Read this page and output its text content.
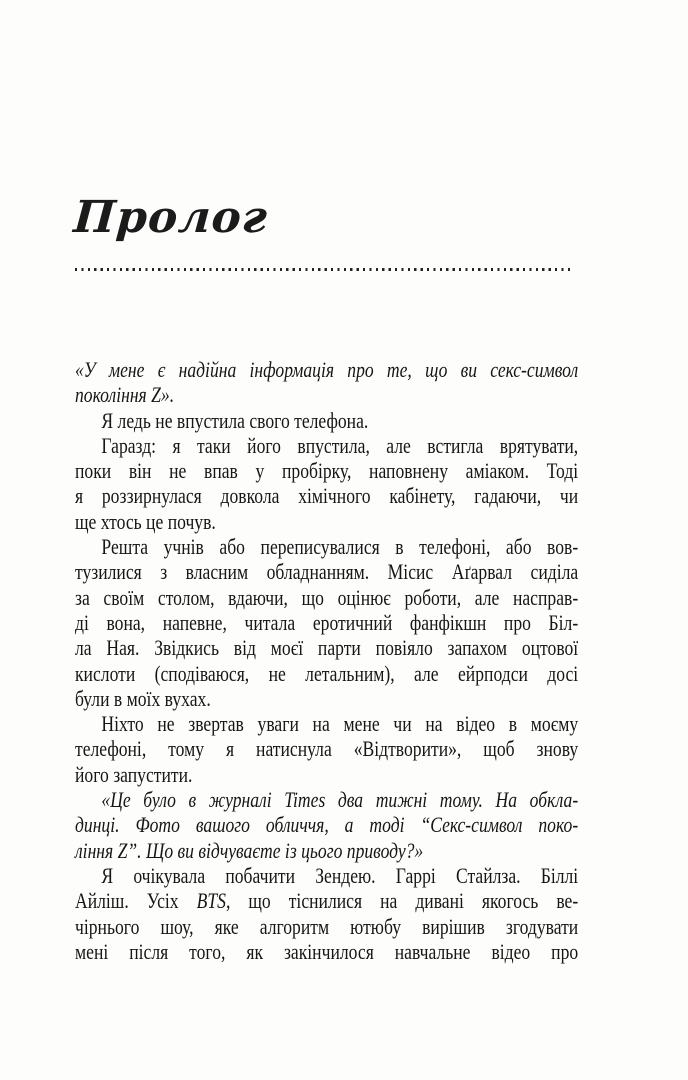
Пролог
«У мене є надійна інформація про те, що ви секс-символ
покоління Z».
Я ледь не впустила свого телефона.
Гаразд: я таки його впустила, але встигла врятувати,
поки він не впав у пробірку, наповнену аміаком. Тоді
я роззирнулася довкола хімічного кабінету, гадаючи, чи
ще хтось це почув.
Решта учнів або переписувалися в телефоні, або вов-
тузилися з власним обладнанням. Місис Аґарвал сиділа
за своїм столом, вдаючи, що оцінює роботи, але насправ-
ді вона, напевне, читала еротичний фанфікшн про Біл-
ла Ная. Звідкись від моєї парти повіяло запахом оцтової
кислоти (сподіваюся, не летальним), але ейрподси досі
були в моїх вухах.
Ніхто не звертав уваги на мене чи на відео в моєму
телефоні, тому я натиснула «Відтворити», щоб знову
його запустити.
«Це було в журналі Times два тижні тому. На обкла-
динці. Фото вашого обличчя, а тоді “Секс-символ поко-
ління Z”. Що ви відчуваєте із цього приводу?»
Я очікувала побачити Зендею. Гаррі Стайлза. Біллі
Айліш. Усіх BTS, що тіснилися на дивані якогось ве-
чірнього шоу, яке алгоритм ютюбу вирішив згодувати
мені після того, як закінчилося навчальне відео про
